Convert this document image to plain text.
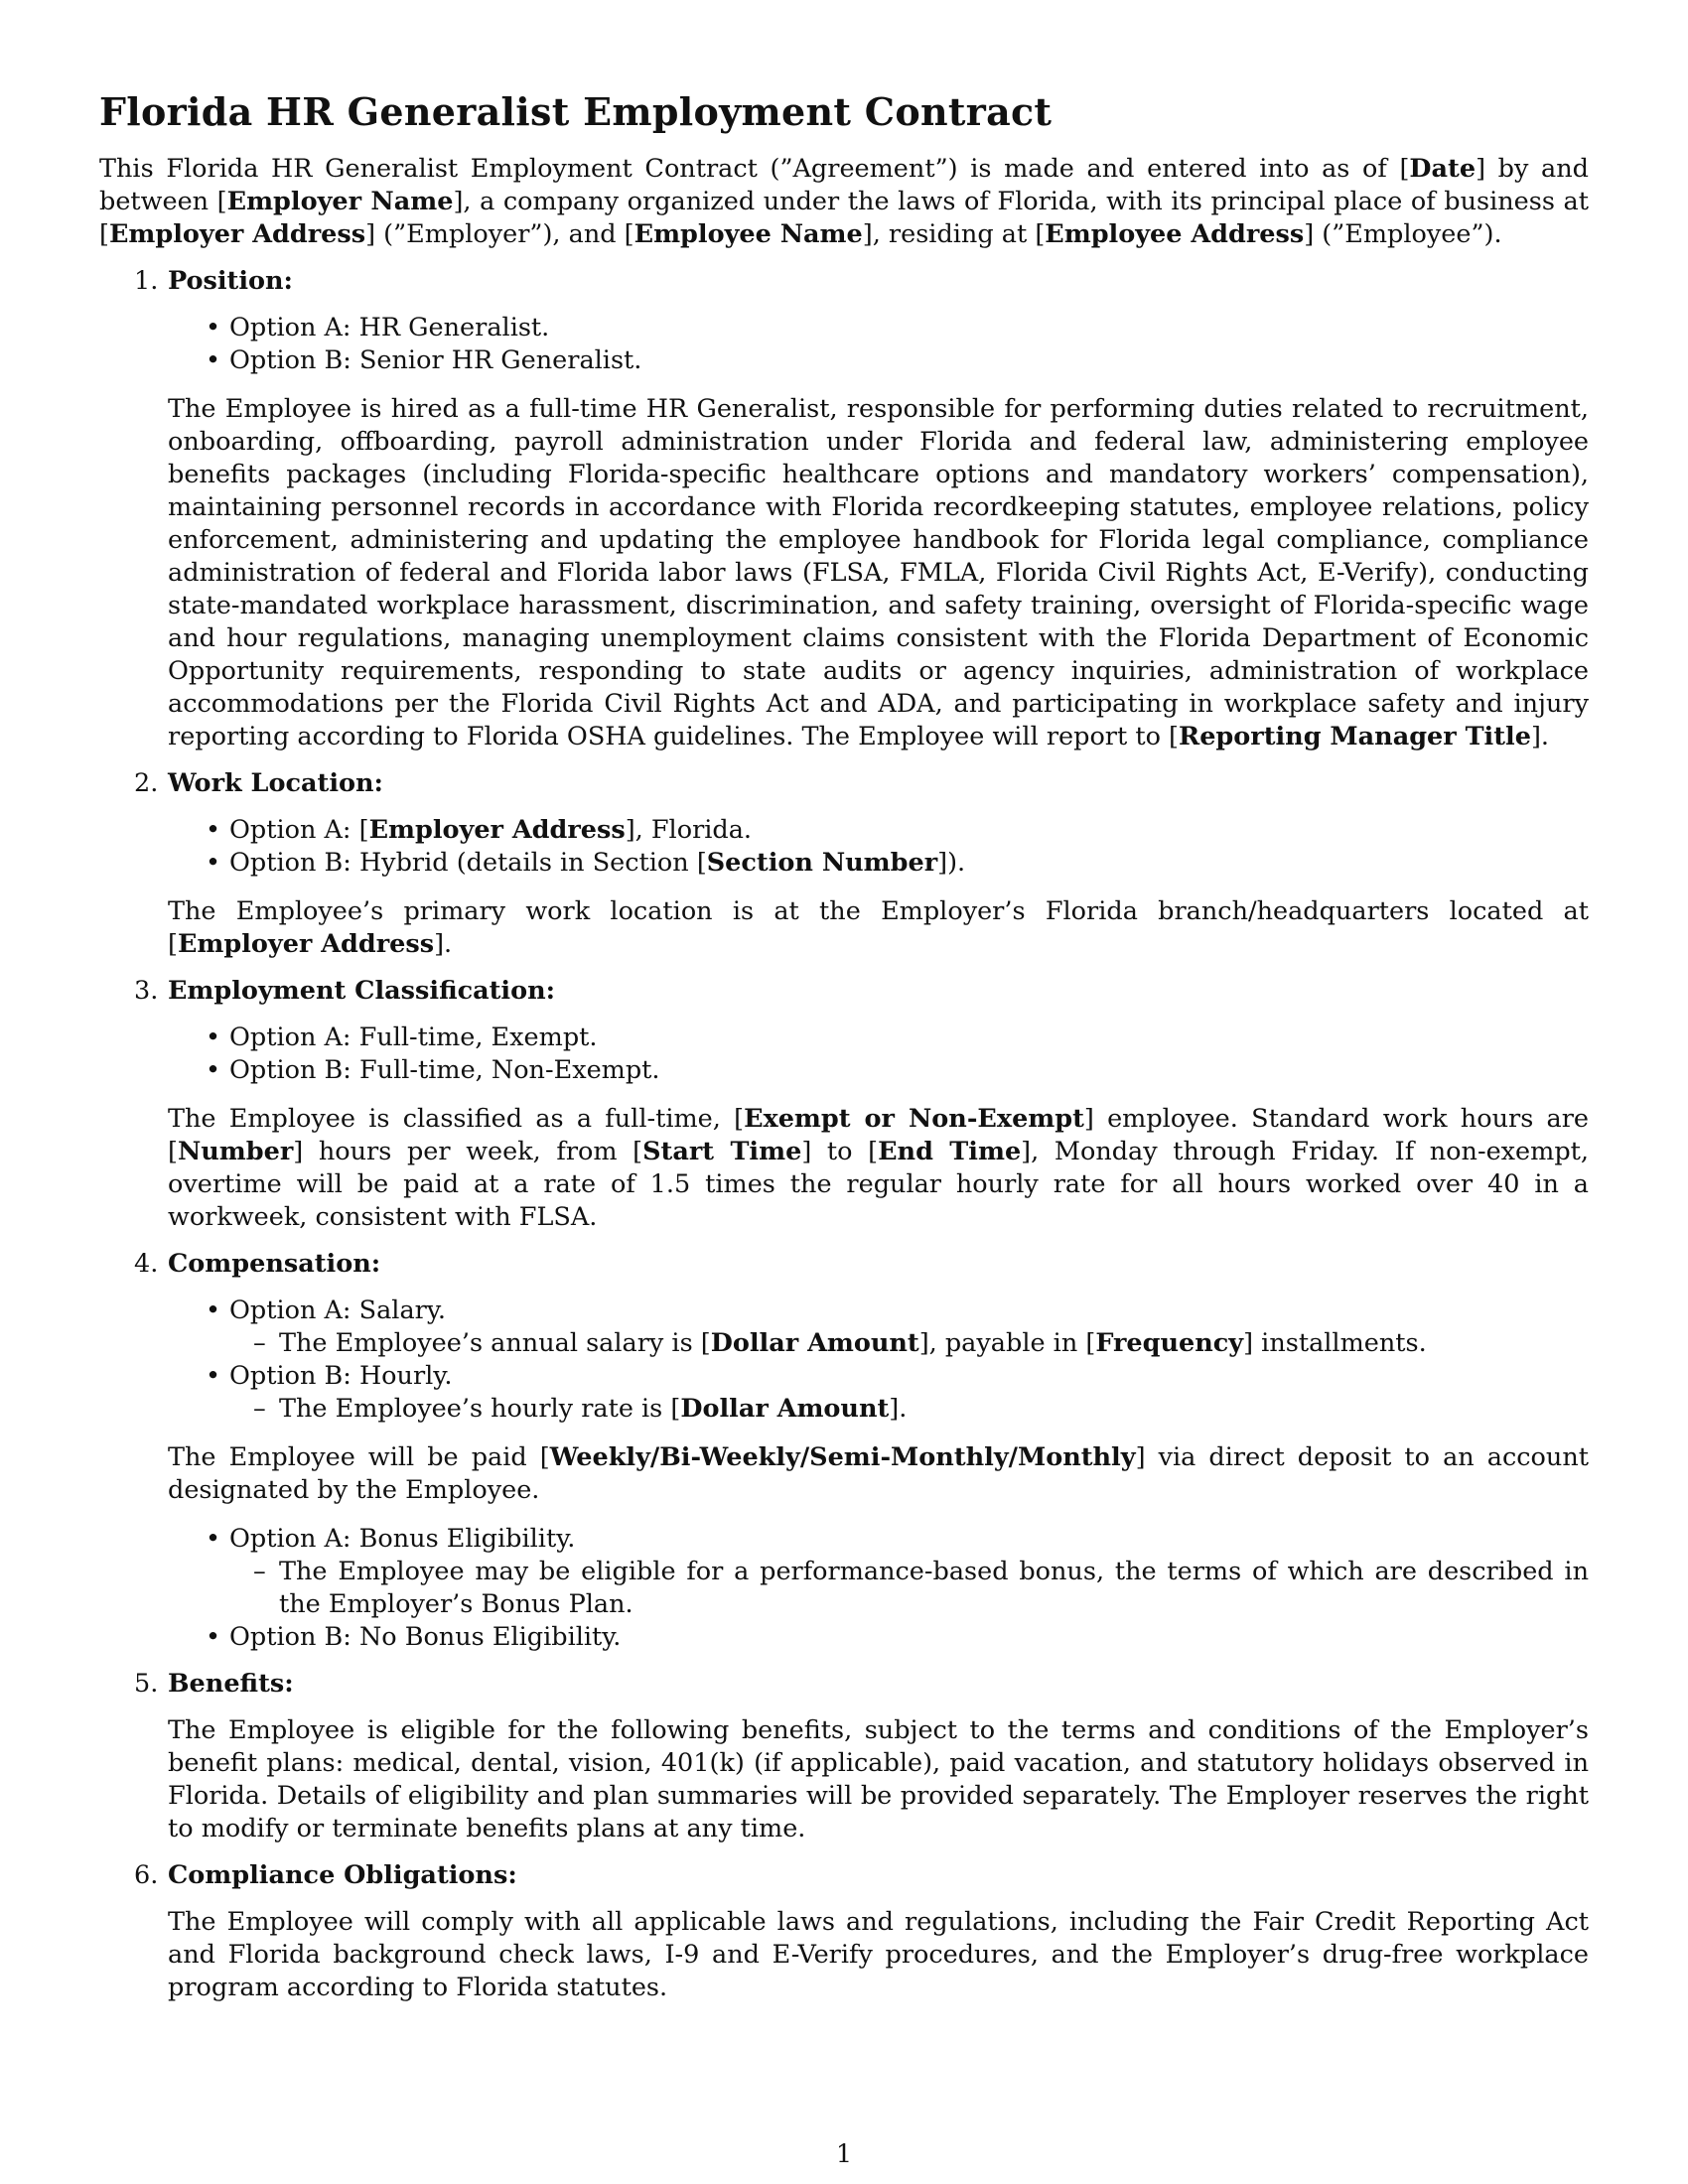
Florida HR Generalist Employment Contract

This Florida HR Generalist Employment Contract (”Agreement”) is made and entered into as of [Date] by and between [Employer Name], a company organized under the laws of Florida, with its principal place of business at [Employer Address] (”Employer”), and [Employee Name], residing at [Employee Address] (”Employee”).

1. Position:
• Option A: HR Generalist.
• Option B: Senior HR Generalist.

The Employee is hired as a full-time HR Generalist, responsible for performing duties related to recruitment, onboarding, offboarding, payroll administration under Florida and federal law, administering employee benefits packages (including Florida-specific healthcare options and mandatory workers’ compensation), maintaining personnel records in accordance with Florida recordkeeping statutes, employee relations, policy enforcement, administering and updating the employee handbook for Florida legal compliance, compliance administration of federal and Florida labor laws (FLSA, FMLA, Florida Civil Rights Act, E-Verify), conducting state-mandated workplace harassment, discrimination, and safety training, oversight of Florida-specific wage and hour regulations, managing unemployment claims consistent with the Florida Department of Economic Opportunity requirements, responding to state audits or agency inquiries, administration of workplace accommodations per the Florida Civil Rights Act and ADA, and participating in workplace safety and injury reporting according to Florida OSHA guidelines. The Employee will report to [Reporting Manager Title].

2. Work Location:
• Option A: [Employer Address], Florida.
• Option B: Hybrid (details in Section [Section Number]).

The Employee’s primary work location is at the Employer’s Florida branch/headquarters located at [Employer Address].

3. Employment Classification:
• Option A: Full-time, Exempt.
• Option B: Full-time, Non-Exempt.

The Employee is classified as a full-time, [Exempt or Non-Exempt] employee. Standard work hours are [Number] hours per week, from [Start Time] to [End Time], Monday through Friday. If non-exempt, overtime will be paid at a rate of 1.5 times the regular hourly rate for all hours worked over 40 in a workweek, consistent with FLSA.

4. Compensation:
• Option A: Salary.
– The Employee’s annual salary is [Dollar Amount], payable in [Frequency] installments.
• Option B: Hourly.
– The Employee’s hourly rate is [Dollar Amount].

The Employee will be paid [Weekly/Bi-Weekly/Semi-Monthly/Monthly] via direct deposit to an account designated by the Employee.

• Option A: Bonus Eligibility.
– The Employee may be eligible for a performance-based bonus, the terms of which are described in the Employer’s Bonus Plan.
• Option B: No Bonus Eligibility.
5. Benefits:

The Employee is eligible for the following benefits, subject to the terms and conditions of the Employer’s benefit plans: medical, dental, vision, 401(k) (if applicable), paid vacation, and statutory holidays observed in Florida. Details of eligibility and plan summaries will be provided separately. The Employer reserves the right to modify or terminate benefits plans at any time.

6. Compliance Obligations:

The Employee will comply with all applicable laws and regulations, including the Fair Credit Reporting Act and Florida background check laws, I-9 and E-Verify procedures, and the Employer’s drug-free workplace program according to Florida statutes.

1
